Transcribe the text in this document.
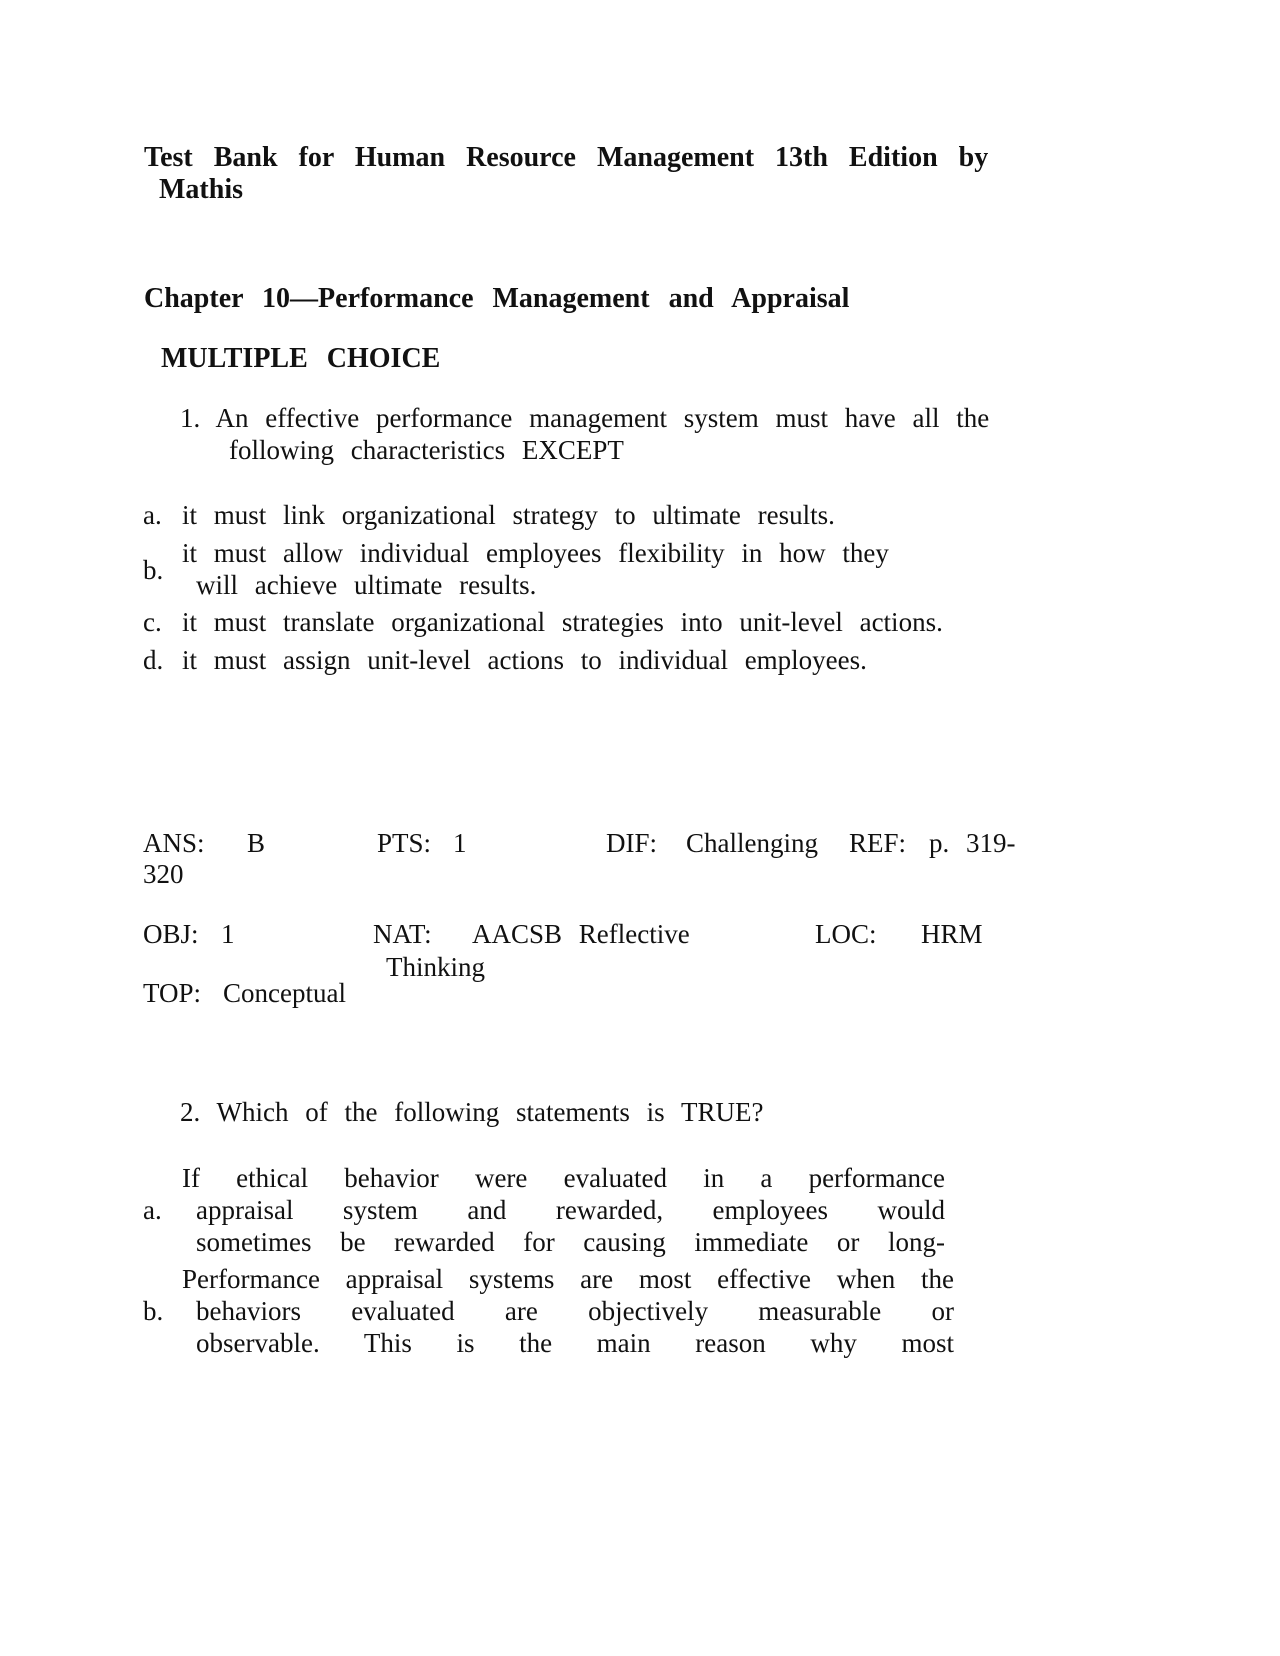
Test Bank for Human Resource Management 13th Edition by
Mathis
Chapter 10—Performance Management and Appraisal
MULTIPLE CHOICE
1. An effective performance management system must have all the
following characteristics EXCEPT
a. it must link organizational strategy to ultimate results.
b.
it must allow individual employees flexibility in how they
will achieve ultimate results.
c. it must translate organizational strategies into unit-level actions.
d. it must assign unit-level actions to individual employees.
ANS: B	PTS: 1	DIF: Challenging REF: p. 319-
320
OBJ: 1	NAT: AACSB Reflective
Thinking
LOC: HRM
TOP: Conceptual
2. Which of the following statements is TRUE?
a.
If ethical behavior were evaluated in a performance
appraisal system and rewarded, employees would
sometimes be rewarded for causing immediate or long-
b.
Performance appraisal systems are most effective when the
behaviors evaluated are objectively measurable or
observable. This is the main reason why most
